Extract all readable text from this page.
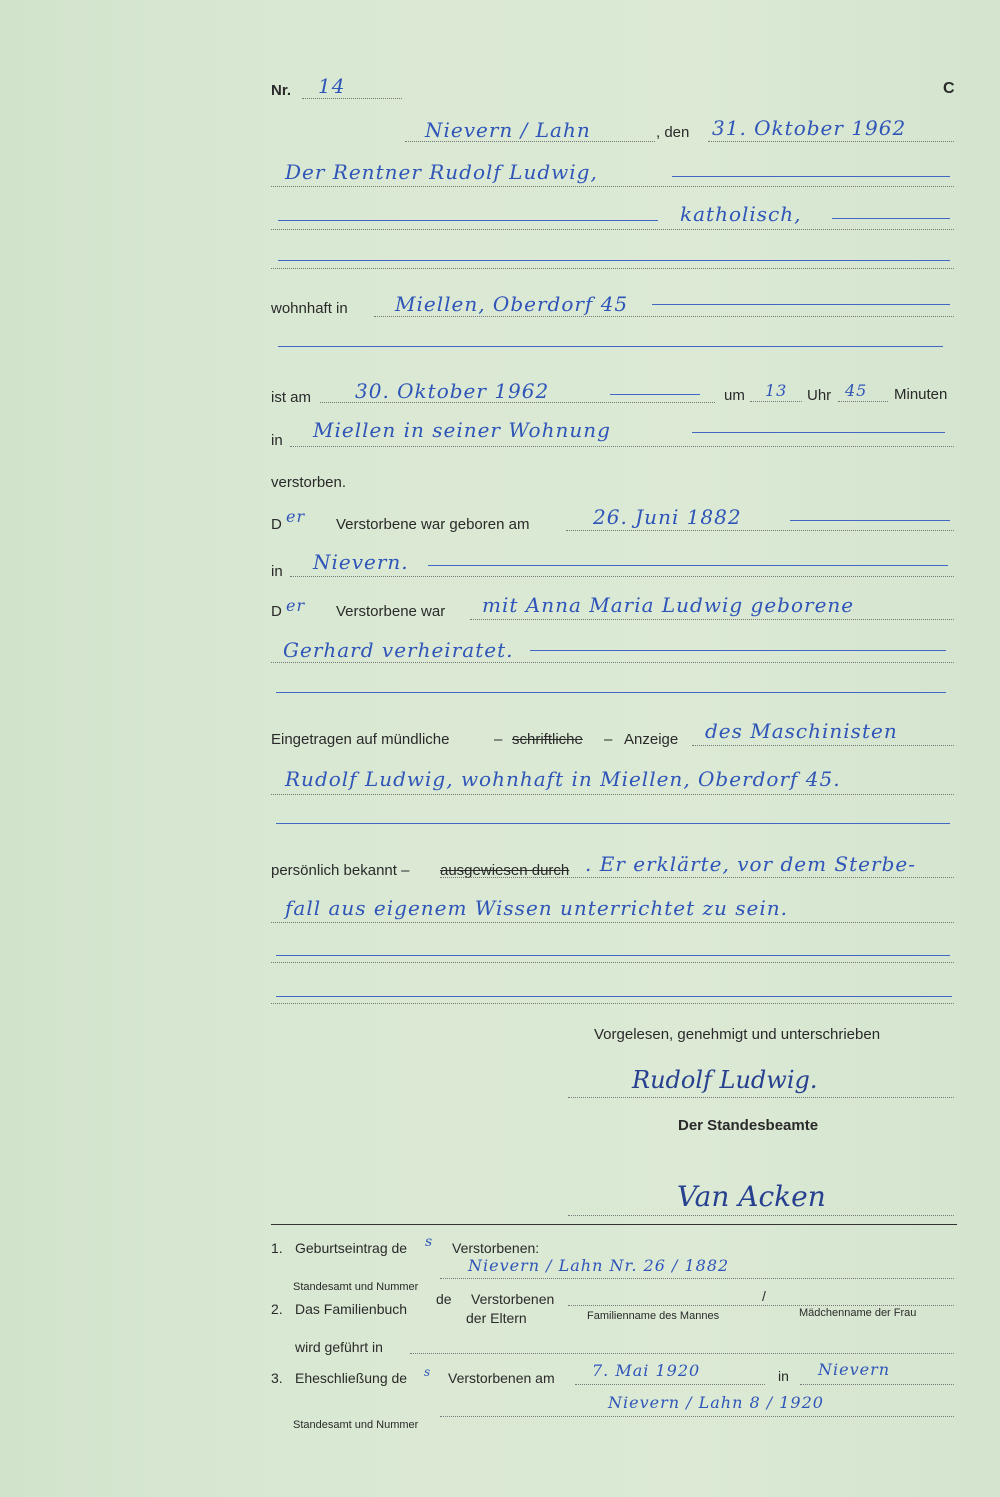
Nr. 14	C
Nievern / Lahn	, den 31. Oktober 1962
Der Rentner Rudolf Ludwig,
katholisch,
wohnhaft in Miellen, Oberdorf 45
ist am 30. Oktober 1962	um 13 Uhr 45 Minuten
in Miellen in seiner Wohnung
verstorben.
D er Verstorbene war geboren am	26. Juni 1882
in Nievern.
D er Verstorbene war mit Anna Maria Ludwig geborene
Gerhard verheiratet.
Eingetragen auf mündliche	– schriftliche – Anzeige des Maschinisten
Rudolf Ludwig, wohnhaft in Miellen, Oberdorf 45.
persönlich bekannt – ausgewiesen durch . Er erklärte, vor dem Sterbe-
fall aus eigenem Wissen unterrichtet zu sein.
Vorgelesen, genehmigt und unterschrieben
Rudolf Ludwig.
Der Standesbeamte
Van Acken
1. Geburtseintrag de s Verstorbenen:
Nievern / Lahn Nr. 26 / 1882
Standesamt und Nummer
2. Das Familienbuch
de Verstorbenen
der Eltern
/
Familienname des Mannes	Mädchenname der Frau
wird geführt in
3. Eheschließung de s Verstorbenen am 7. Mai 1920	in Nievern
Nievern / Lahn 8 / 1920
Standesamt und Nummer
